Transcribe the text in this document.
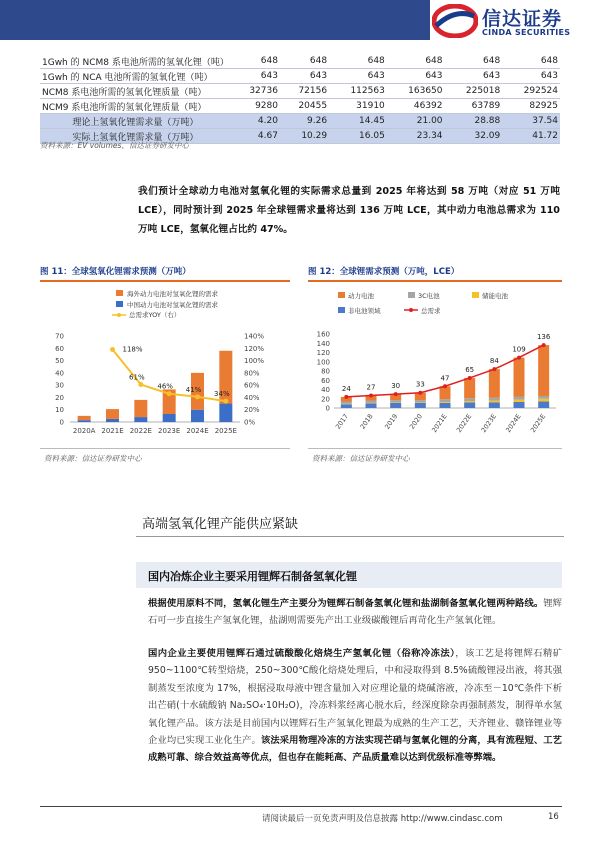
信达证券
CINDA SECURITIES
1Gwh 的 NCM8 系电池所需的氢氧化锂（吨）	648	648	648	648	648	648
1Gwh 的 NCA 电池所需的氢氧化锂（吨）	643	643	643	643	643	643
NCM8 系电池所需的氢氧化锂质量（吨）	32736	72156	112563	163650	225018	292524
NCM9 系电池所需的氢氧化锂质量（吨）	9280	20455	31910	46392	63789	82925
理论上氢氧化锂需求量（万吨）	4.20	9.26	14.45	21.00	28.88	37.54
实际上氢氧化锂需求量（万吨）	4.67	10.29	16.05	23.34	32.09	41.72
资料来源：EV volumes，信达证券研发中心
我们预计全球动力电池对氢氧化锂的实际需求总量到 2025 年将达到 58 万吨（对应 51 万吨 LCE），同时预计到 2025 年全球锂需求量将达到 136 万吨 LCE，其中动力电池总需求为 110 万吨 LCE，氢氧化锂占比约 47%。
图 11：全球氢氧化锂需求预测（万吨）
海外动力电池对氢氧化锂的需求
中国动力电池对氢氧化锂的需求
总需求YOY（右）
0
10
20
30
40
50
60
70
0%
20%
40%
60%
80%
100%
120%
140%
2020A 2021E 2022E 2023E 2024E 2025E
118%
61%
46% 41%
34%
资料来源：信达证券研发中心
图 12：全球锂需求预测（万吨，LCE）
动力电池	3C电池	储能电池
非电池领域	总需求
0
20
40
60
80
100
120
140
160
2017 2018 2019 2020 2021E 2022E 2023E 2024E 2025E
24 27 30 33
47
65
84
109
136
资料来源：信达证券研发中心
高端氢氧化锂产能供应紧缺
国内冶炼企业主要采用锂辉石制备氢氧化锂
根据使用原料不同，氢氧化锂生产主要分为锂辉石制备氢氧化锂和盐湖制备氢氧化锂两种路线。锂辉石可一步直接生产氢氧化锂，盐湖则需要先产出工业级碳酸锂后再苛化生产氢氧化锂。
国内企业主要使用锂辉石通过硫酸酸化焙烧生产氢氧化锂（俗称冷冻法），该工艺是将锂辉石精矿 950~1100℃转型焙烧，250~300℃酸化焙烧处理后，中和浸取得到 8.5%硫酸锂浸出液，将其强制蒸发至浓度为 17%，根据浸取母液中锂含量加入对应理论量的烧碱溶液，冷冻至－10℃条件下析出芒硝(十水硫酸钠 Na₂SO₄·10H₂O)，冷冻料浆经离心脱水后，经深度除杂再强制蒸发，制得单水氢氧化锂产品。该方法是目前国内以锂辉石生产氢氧化锂最为成熟的生产工艺，天齐锂业、赣锋锂业等企业均已实现工业化生产。该法采用物理冷冻的方法实现芒硝与氢氧化锂的分离，具有流程短、工艺成熟可靠、综合效益高等优点，但也存在能耗高、产品质量难以达到优级标准等弊端。
请阅读最后一页免责声明及信息披露 http://www.cindasc.com	16
